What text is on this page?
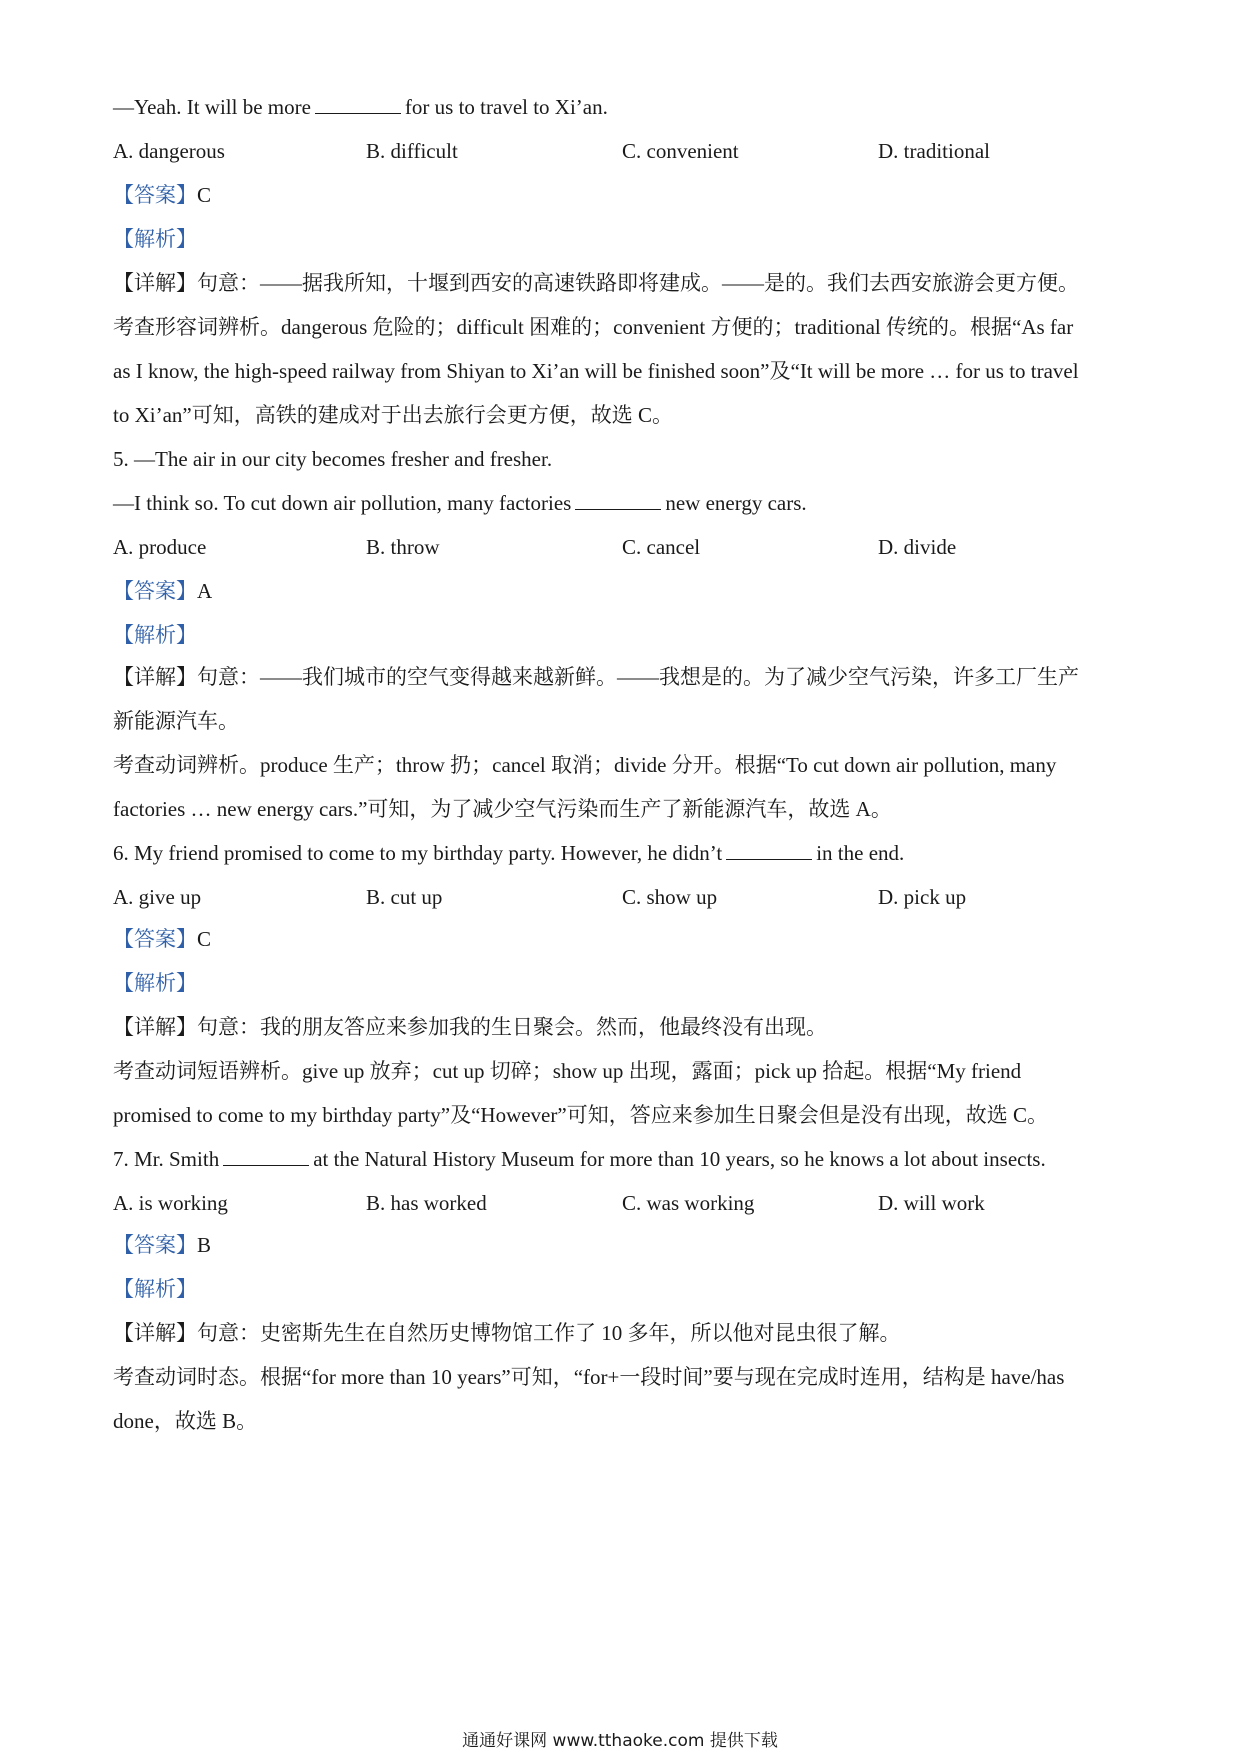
—Yeah. It will be more	for us to travel to Xi’an.
A. dangerous	B. difficult	C. convenient	D. traditional
【答案】C
【解析】
【详解】句意：——据我所知，十堰到西安的高速铁路即将建成。——是的。我们去西安旅游会更方便。
考查形容词辨析。dangerous 危险的；difficult 困难的；convenient 方便的；traditional 传统的。根据“As far
as I know, the high-speed railway from Shiyan to Xi’an will be finished soon”及“It will be more … for us to travel
to Xi’an”可知，高铁的建成对于出去旅行会更方便，故选 C。
5. —The air in our city becomes fresher and fresher.
—I think so. To cut down air pollution, many factories	new energy cars.
A. produce	B. throw	C. cancel	D. divide
【答案】A
【解析】
【详解】句意：——我们城市的空气变得越来越新鲜。——我想是的。为了减少空气污染，许多工厂生产
新能源汽车。
考查动词辨析。produce 生产；throw 扔；cancel 取消；divide 分开。根据“To cut down air pollution, many
factories … new energy cars.”可知，为了减少空气污染而生产了新能源汽车，故选 A。
6. My friend promised to come to my birthday party. However, he didn’t	in the end.
A. give up	B. cut up	C. show up	D. pick up
【答案】C
【解析】
【详解】句意：我的朋友答应来参加我的生日聚会。然而，他最终没有出现。
考查动词短语辨析。give up 放弃；cut up 切碎；show up 出现，露面；pick up 拾起。根据“My friend
promised to come to my birthday party”及“However”可知，答应来参加生日聚会但是没有出现，故选 C。
7. Mr. Smith	at the Natural History Museum for more than 10 years, so he knows a lot about insects.
A. is working	B. has worked	C. was working	D. will work
【答案】B
【解析】
【详解】句意：史密斯先生在自然历史博物馆工作了 10 多年，所以他对昆虫很了解。
考查动词时态。根据“for more than 10 years”可知，“for+一段时间”要与现在完成时连用，结构是 have/has
done，故选 B。
通通好课网 www.tthaoke.com 提供下载
